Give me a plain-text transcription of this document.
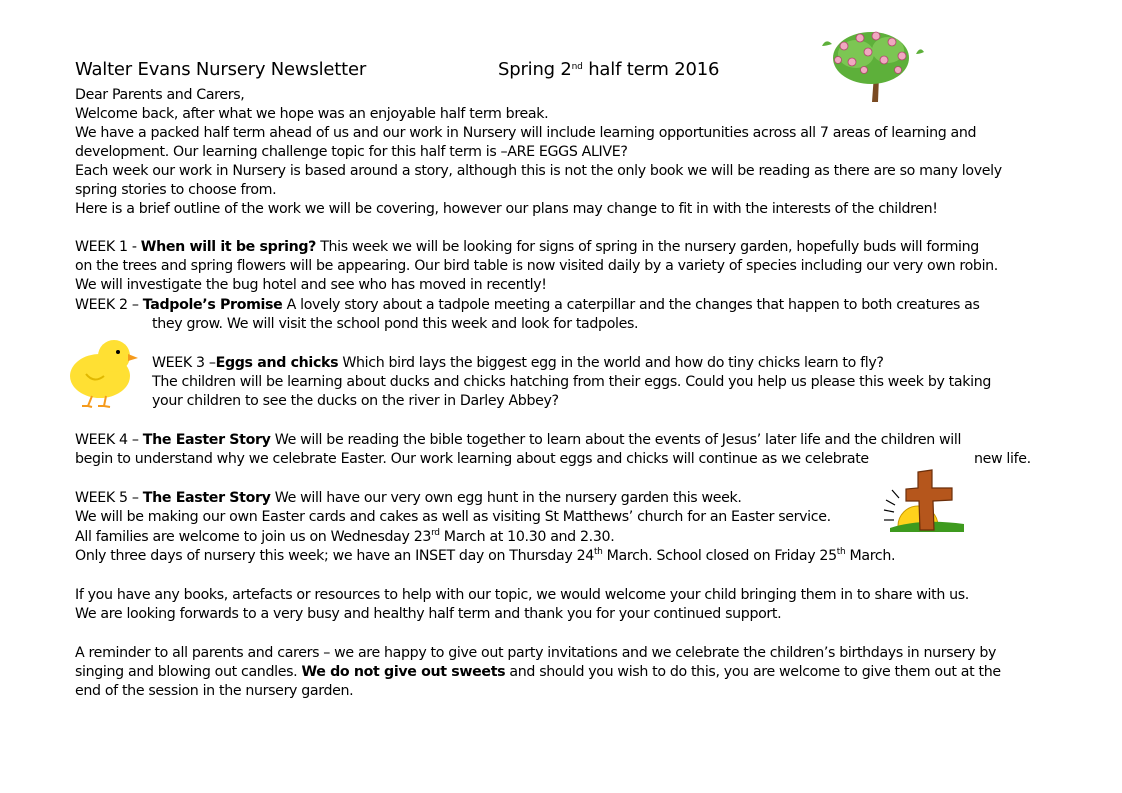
Walter Evans Nursery Newsletter	Spring 2nd half term 2016
Dear Parents and Carers,
Welcome back, after what we hope was an enjoyable half term break.
We have a packed half term ahead of us and our work in Nursery will include learning opportunities across all 7 areas of learning and
development. Our learning challenge topic for this half term is –ARE EGGS ALIVE?
Each week our work in Nursery is based around a story, although this is not the only book we will be reading as there are so many lovely
spring stories to choose from.
Here is a brief outline of the work we will be covering, however our plans may change to fit in with the interests of the children!
WEEK 1 - When will it be spring? This week we will be looking for signs of spring in the nursery garden, hopefully buds will forming
on the trees and spring flowers will be appearing. Our bird table is now visited daily by a variety of species including our very own robin.
We will investigate the bug hotel and see who has moved in recently!
WEEK 2 – Tadpole’s Promise A lovely story about a tadpole meeting a caterpillar and the changes that happen to both creatures as
they grow. We will visit the school pond this week and look for tadpoles.
WEEK 3 –Eggs and chicks Which bird lays the biggest egg in the world and how do tiny chicks learn to fly?
The children will be learning about ducks and chicks hatching from their eggs. Could you help us please this week by taking
your children to see the ducks on the river in Darley Abbey?
WEEK 4 – The Easter Story We will be reading the bible together to learn about the events of Jesus’ later life and the children will
begin to understand why we celebrate Easter. Our work learning about eggs and chicks will continue as we celebrate	new life.
WEEK 5 – The Easter Story We will have our very own egg hunt in the nursery garden this week.
We will be making our own Easter cards and cakes as well as visiting St Matthews’ church for an Easter service.
All families are welcome to join us on Wednesday 23rd March at 10.30 and 2.30.
Only three days of nursery this week; we have an INSET day on Thursday 24th March. School closed on Friday 25th March.
If you have any books, artefacts or resources to help with our topic, we would welcome your child bringing them in to share with us.
We are looking forwards to a very busy and healthy half term and thank you for your continued support.
A reminder to all parents and carers – we are happy to give out party invitations and we celebrate the children’s birthdays in nursery by
singing and blowing out candles. We do not give out sweets and should you wish to do this, you are welcome to give them out at the
end of the session in the nursery garden.
